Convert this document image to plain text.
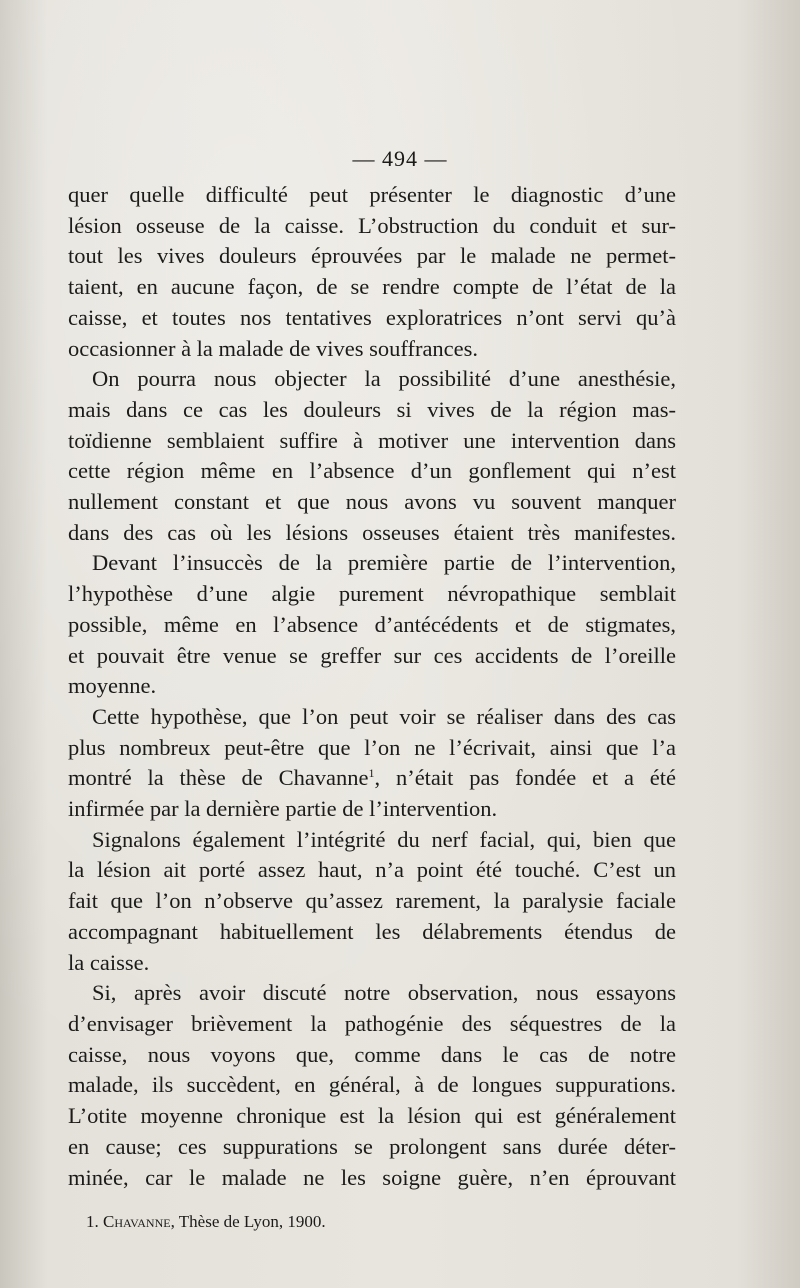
— 494 —

quer quelle difficulté peut présenter le diagnostic d’une

lésion osseuse de la caisse. L’obstruction du conduit et sur-

tout les vives douleurs éprouvées par le malade ne permet-

taient, en aucune façon, de se rendre compte de l’état de la

caisse, et toutes nos tentatives exploratrices n’ont servi qu’à

occasionner à la malade de vives souffrances.

On pourra nous objecter la possibilité d’une anesthésie,

mais dans ce cas les douleurs si vives de la région mas-

toïdienne semblaient suffire à motiver une intervention dans

cette région même en l’absence d’un gonflement qui n’est

nullement constant et que nous avons vu souvent manquer

dans des cas où les lésions osseuses étaient très manifestes.

Devant l’insuccès de la première partie de l’intervention,

l’hypothèse d’une algie purement névropathique semblait

possible, même en l’absence d’antécédents et de stigmates,

et pouvait être venue se greffer sur ces accidents de l’oreille

moyenne.

Cette hypothèse, que l’on peut voir se réaliser dans des cas

plus nombreux peut-être que l’on ne l’écrivait, ainsi que l’a

montré la thèse de Chavanne$^1$, n’était pas fondée et a été

infirmée par la dernière partie de l’intervention.

Signalons également l’intégrité du nerf facial, qui, bien que

la lésion ait porté assez haut, n’a point été touché. C’est un

fait que l’on n’observe qu’assez rarement, la paralysie faciale

accompagnant habituellement les délabrements étendus de

la caisse.

Si, après avoir discuté notre observation, nous essayons

d’envisager brièvement la pathogénie des séquestres de la

caisse, nous voyons que, comme dans le cas de notre

malade, ils succèdent, en général, à de longues suppurations.

L’otite moyenne chronique est la lésion qui est généralement

en cause; ces suppurations se prolongent sans durée déter-

minée, car le malade ne les soigne guère, n’en éprouvant

1. Chavanne, Thèse de Lyon, 1900.
